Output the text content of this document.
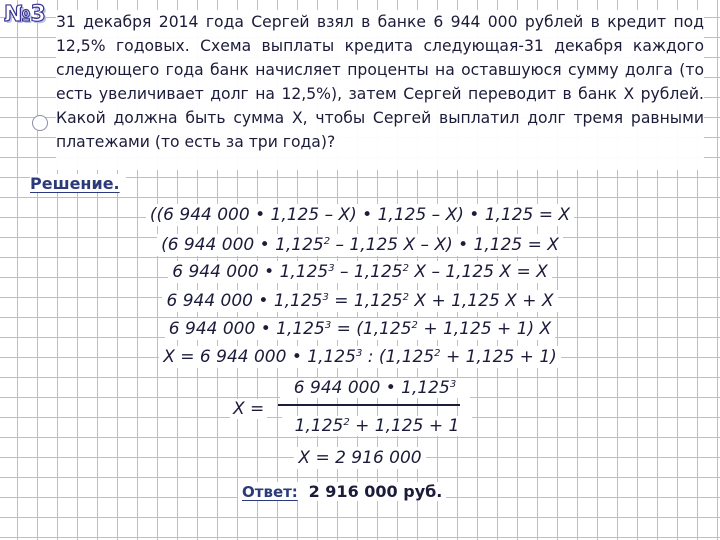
№3 31 декабря 2014 года Сергей взял в банке 6 944 000 рублей в кредит под 12,5% годовых. Схема выплаты кредита следующая-31 декабря каждого следующего года банк начисляет проценты на оставшуюся сумму долга (то есть увеличивает долг на 12,5%), затем Сергей переводит в банк X рублей. Какой должна быть сумма X, чтобы Сергей выплатил долг тремя равными платежами (то есть за три года)?
Решение.
((6 944 000 • 1,125 – X) • 1,125 – X) • 1,125 = X
(6 944 000 • 1,125$^2$ – 1,125 X – X) • 1,125 = X
6 944 000 • 1,125$^3$ – 1,125$^2$ X – 1,125 X = X
6 944 000 • $1,125^3 = 1,125^2$ X + 1,125 X + X
6 944 000 • $1,125^3 = (1,125^2 + 1,125 + 1)$ X
X = 6 944 000 • 1,125$^3$ : $(1,125^2 + 1,125 + 1)$
X =
6 944 000 • 1,125$^3$
$1,125^2 + 1,125 + 1$
X = 2 916 000
Ответ: 2 916 000 руб.
